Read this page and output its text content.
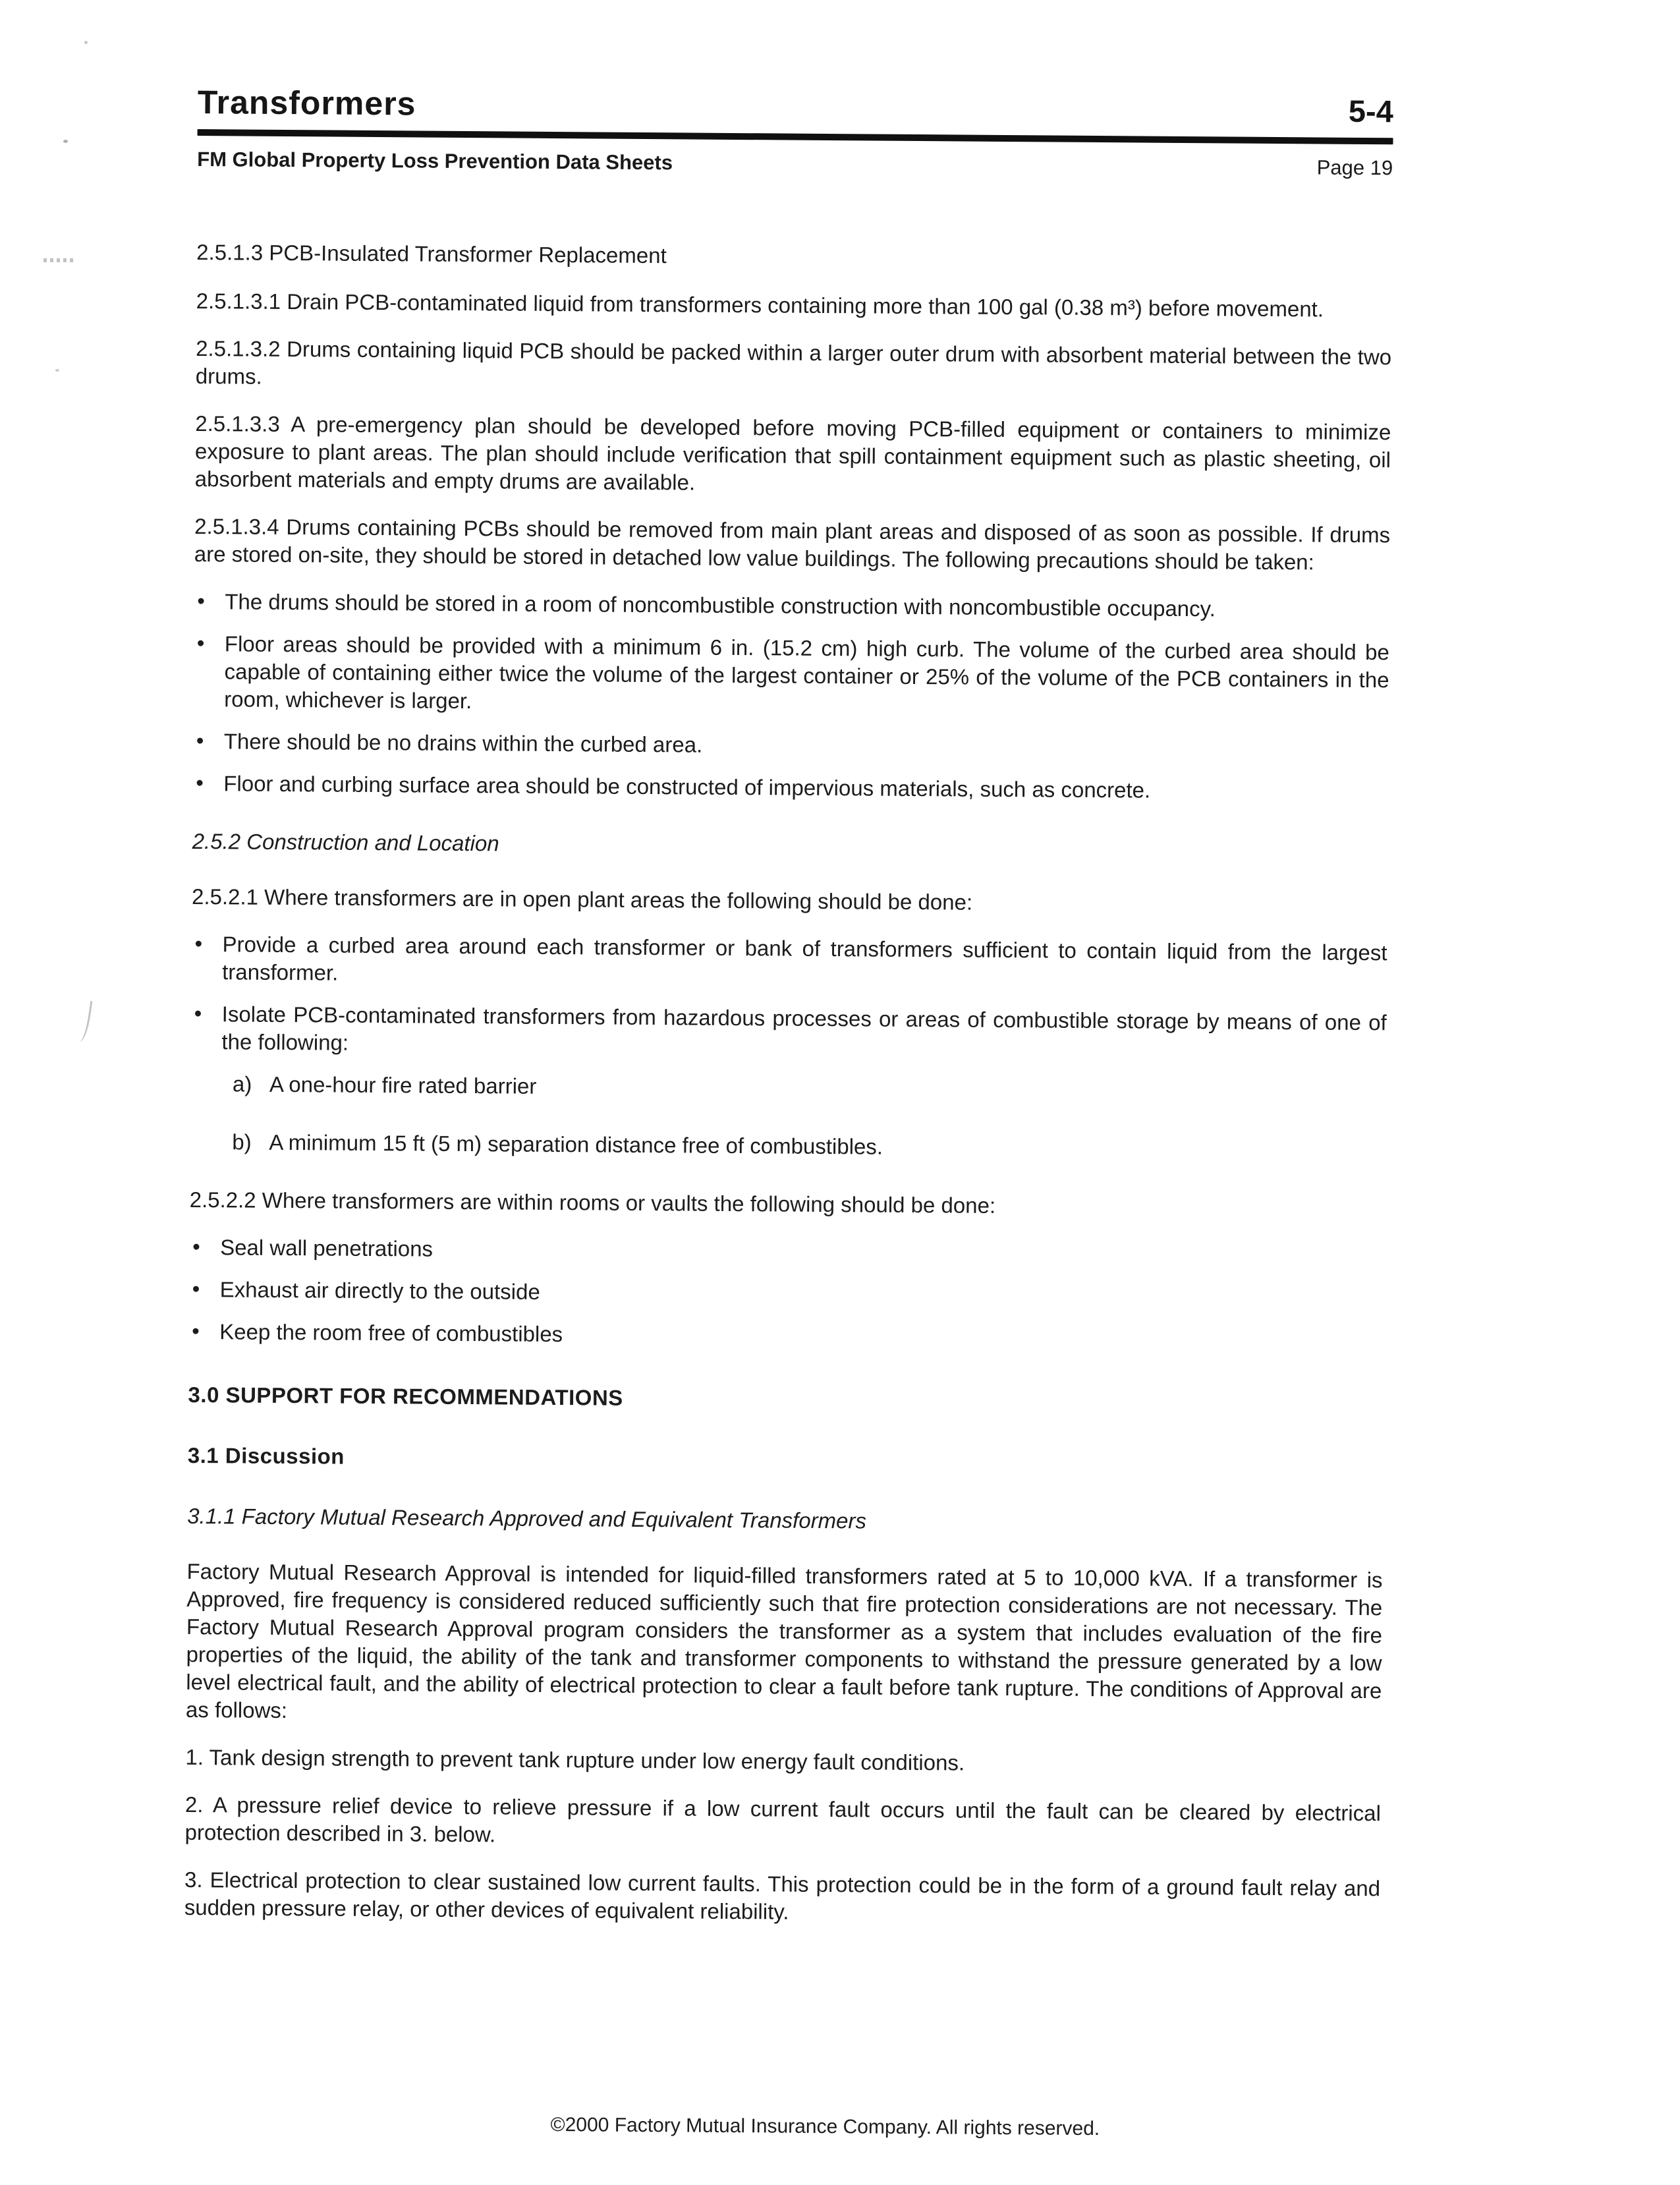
Transformers	5-4
FM Global Property Loss Prevention Data Sheets	Page 19
2.5.1.3 PCB-Insulated Transformer Replacement
2.5.1.3.1 Drain PCB-contaminated liquid from transformers containing more than 100 gal (0.38 m³) before movement.
2.5.1.3.2 Drums containing liquid PCB should be packed within a larger outer drum with absorbent material between the two drums.
2.5.1.3.3 A pre-emergency plan should be developed before moving PCB-filled equipment or containers to minimize exposure to plant areas. The plan should include verification that spill containment equipment such as plastic sheeting, oil absorbent materials and empty drums are available.
2.5.1.3.4 Drums containing PCBs should be removed from main plant areas and disposed of as soon as possible. If drums are stored on-site, they should be stored in detached low value buildings. The following precautions should be taken:
• The drums should be stored in a room of noncombustible construction with noncombustible occupancy.
• Floor areas should be provided with a minimum 6 in. (15.2 cm) high curb. The volume of the curbed area should be capable of containing either twice the volume of the largest container or 25% of the volume of the PCB containers in the room, whichever is larger.
• There should be no drains within the curbed area.
• Floor and curbing surface area should be constructed of impervious materials, such as concrete.
2.5.2 Construction and Location
2.5.2.1 Where transformers are in open plant areas the following should be done:
• Provide a curbed area around each transformer or bank of transformers sufficient to contain liquid from the largest transformer.
• Isolate PCB-contaminated transformers from hazardous processes or areas of combustible storage by means of one of the following:
a) A one-hour fire rated barrier
b) A minimum 15 ft (5 m) separation distance free of combustibles.
2.5.2.2 Where transformers are within rooms or vaults the following should be done:
• Seal wall penetrations
• Exhaust air directly to the outside
• Keep the room free of combustibles
3.0 SUPPORT FOR RECOMMENDATIONS
3.1 Discussion
3.1.1 Factory Mutual Research Approved and Equivalent Transformers
Factory Mutual Research Approval is intended for liquid-filled transformers rated at 5 to 10,000 kVA. If a transformer is Approved, fire frequency is considered reduced sufficiently such that fire protection considerations are not necessary. The Factory Mutual Research Approval program considers the transformer as a system that includes evaluation of the fire properties of the liquid, the ability of the tank and transformer components to withstand the pressure generated by a low level electrical fault, and the ability of electrical protection to clear a fault before tank rupture. The conditions of Approval are as follows:
1. Tank design strength to prevent tank rupture under low energy fault conditions.
2. A pressure relief device to relieve pressure if a low current fault occurs until the fault can be cleared by electrical protection described in 3. below.
3. Electrical protection to clear sustained low current faults. This protection could be in the form of a ground fault relay and sudden pressure relay, or other devices of equivalent reliability.
©2000 Factory Mutual Insurance Company. All rights reserved.
